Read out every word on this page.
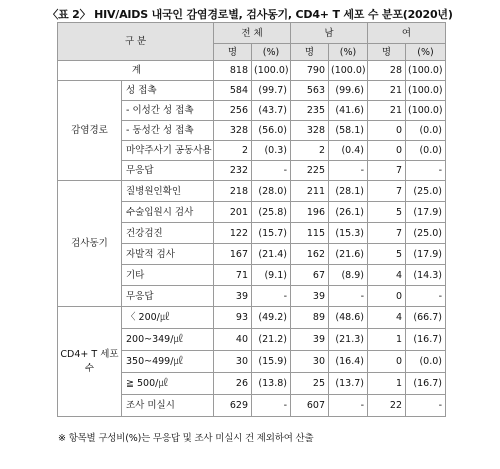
〈표 2〉 HIV/AIDS 내국인 감염경로별, 검사동기, CD4+ T 세포 수 분포(2020년)
구 분		전 체		남		여	
		명	(%)	명	(%)	명	(%)
계		818	(100.0)	790	(100.0)	28	(100.0)
감염경로	성 접촉	584	(99.7)	563	(99.6)	21	(100.0)
	- 이성간 성 접촉	256	(43.7)	235	(41.6)	21	(100.0)
	- 동성간 성 접촉	328	(56.0)	328	(58.1)	0	(0.0)
	마약주사기 공동사용	2	(0.3)	2	(0.4)	0	(0.0)
	무응답	232	-	225	-	7	-
검사동기	질병원인확인	218	(28.0)	211	(28.1)	7	(25.0)
	수술입원시 검사	201	(25.8)	196	(26.1)	5	(17.9)
	건강검진	122	(15.7)	115	(15.3)	7	(25.0)
	자발적 검사	167	(21.4)	162	(21.6)	5	(17.9)
	기타	71	(9.1)	67	(8.9)	4	(14.3)
	무응답	39	-	39	-	0	-
CD4+ T 세포 수	〈 200/㎕	93	(49.2)	89	(48.6)	4	(66.7)
	200~349/㎕	40	(21.2)	39	(21.3)	1	(16.7)
	350~499/㎕	30	(15.9)	30	(16.4)	0	(0.0)
	≧ 500/㎕	26	(13.8)	25	(13.7)	1	(16.7)
	조사 미실시	629	-	607	-	22	-
※ 항목별 구성비(%)는 무응답 및 조사 미실시 건 제외하여 산출
